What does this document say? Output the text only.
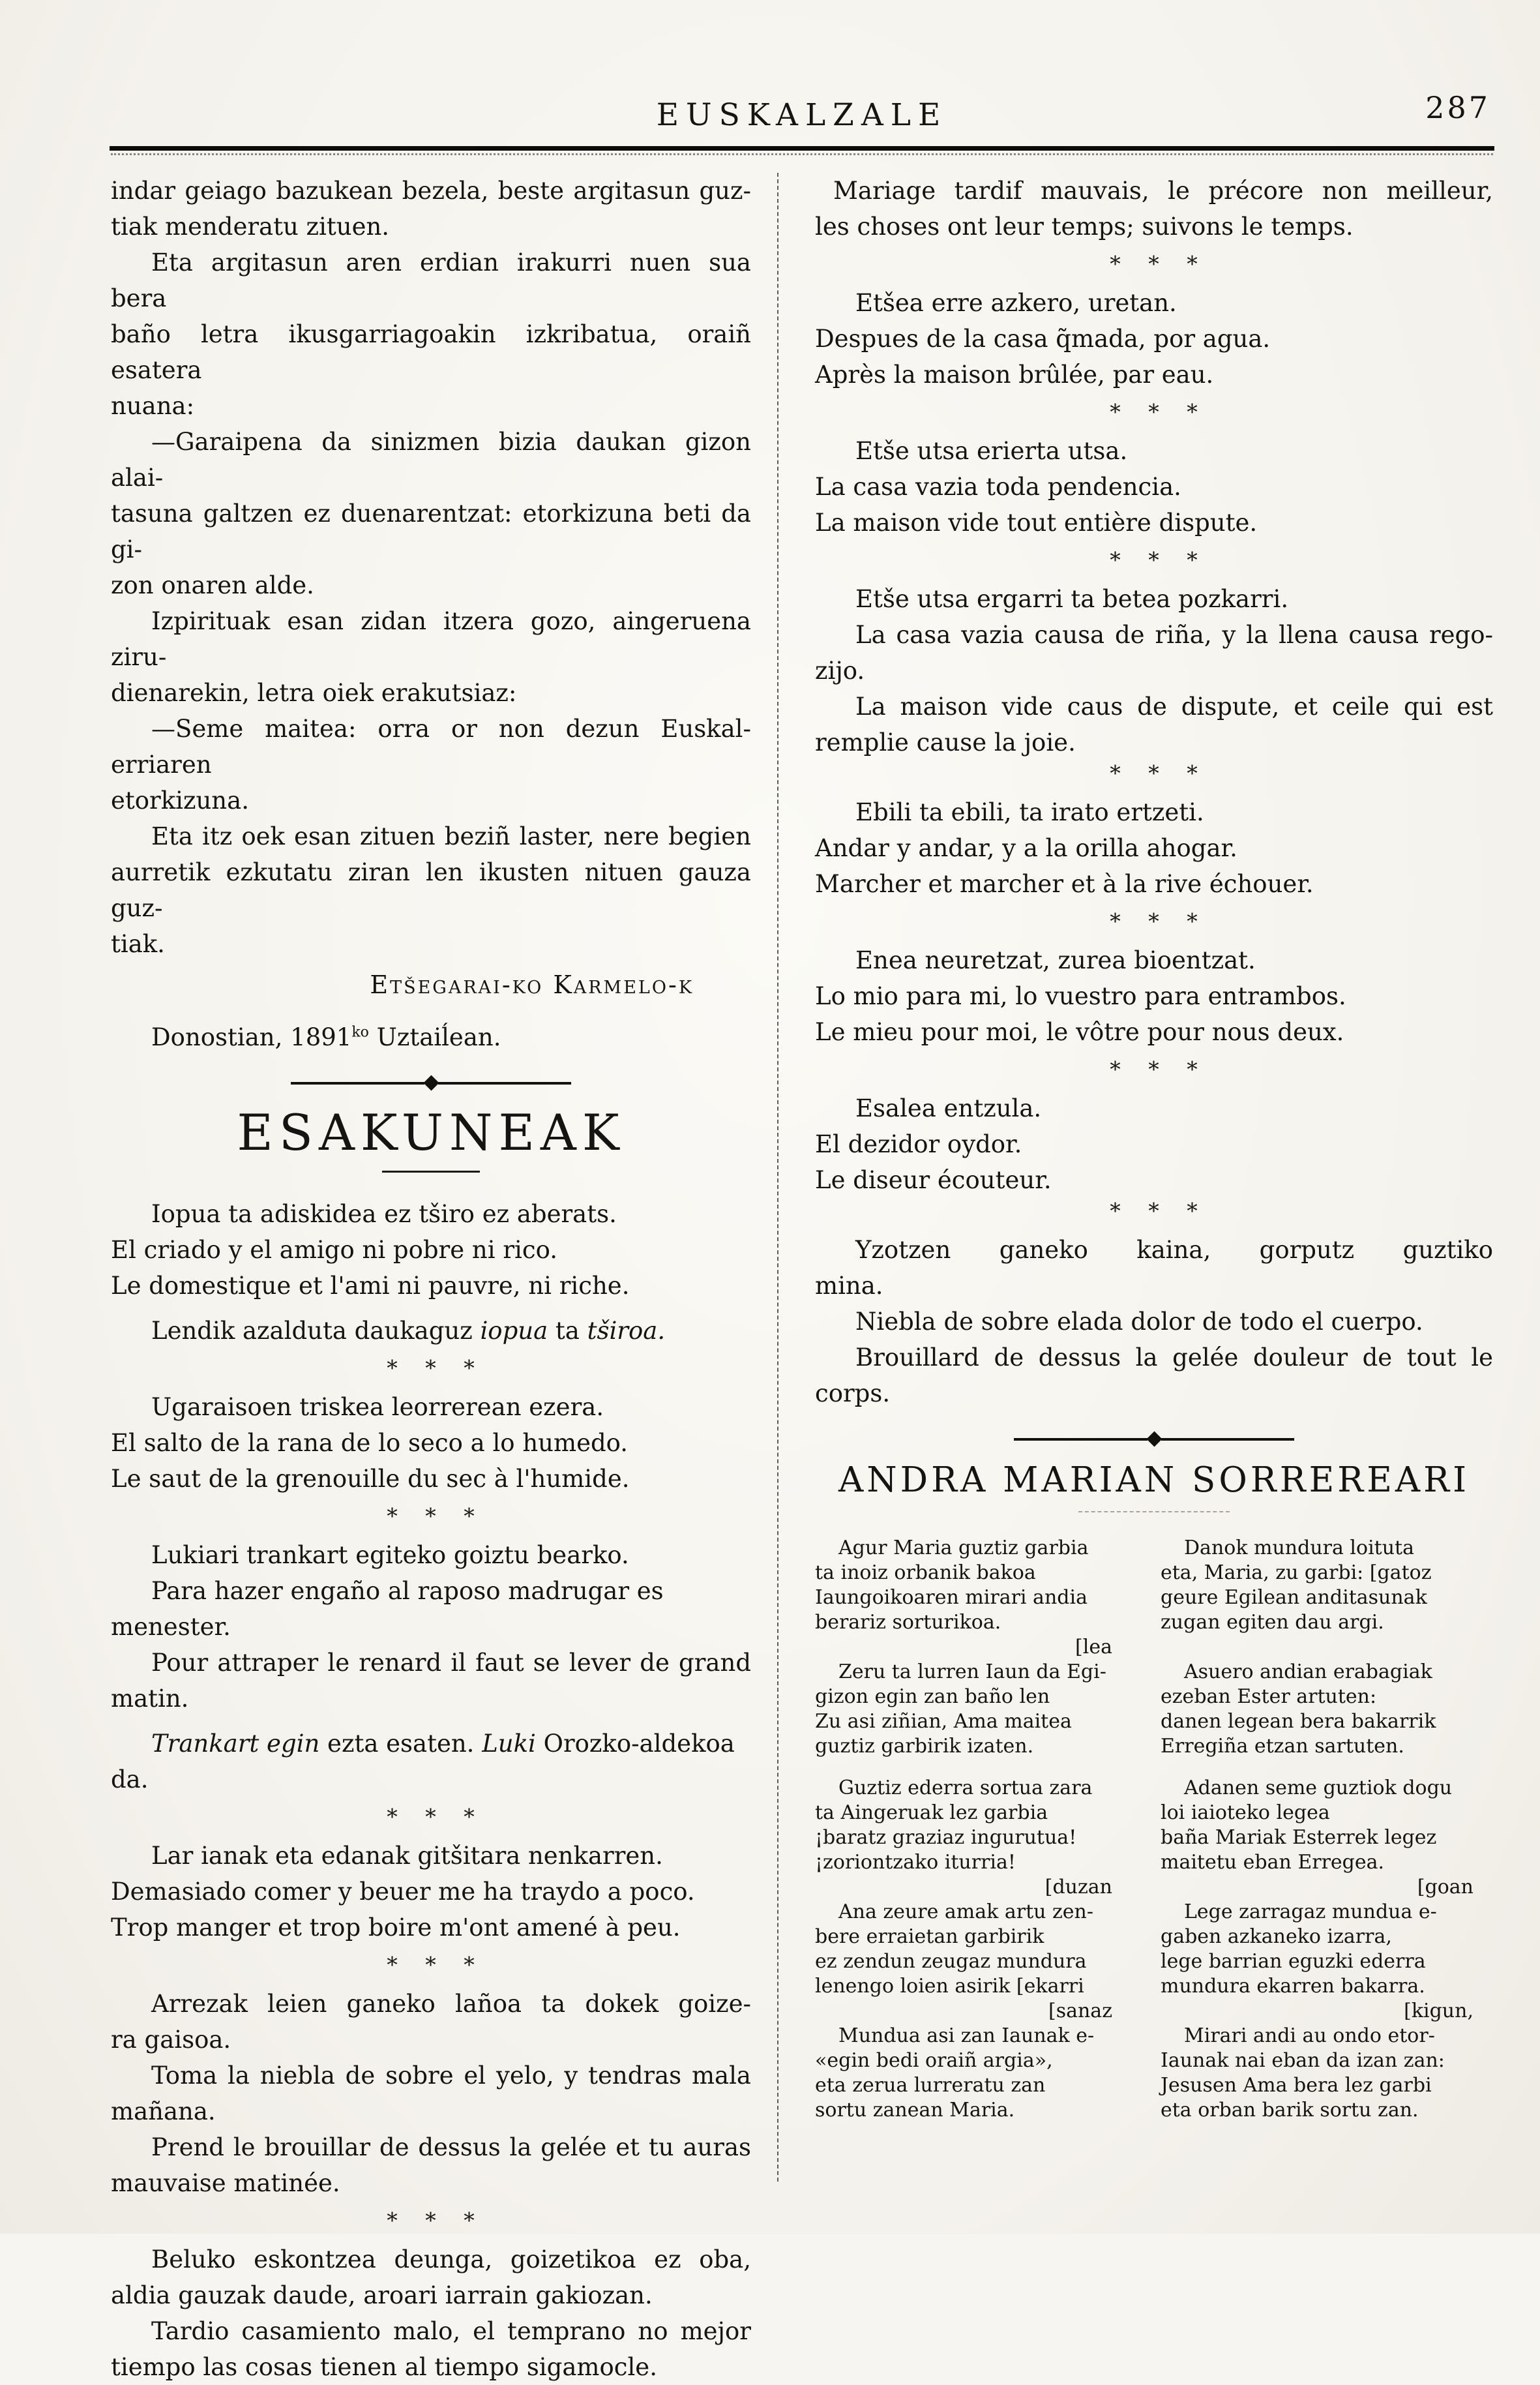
EUSKALZALE	287
indar geiago bazukean bezela, beste argitasun guz-
tiak menderatu zituen.
Eta argitasun aren erdian irakurri nuen sua bera
baño letra ikusgarriagoakin izkribatua, oraiñ esatera
nuana:
—Garaipena da sinizmen bizia daukan gizon alai-
tasuna galtzen ez duenarentzat: etorkizuna beti da gi-
zon onaren alde.
Izpirituak esan zidan itzera gozo, aingeruena ziru-
dienarekin, letra oiek erakutsiaz:
—Seme maitea: orra or non dezun Euskal-erriaren
etorkizuna.
Eta itz oek esan zituen beziñ laster, nere begien
aurretik ezkutatu ziran len ikusten nituen gauza guz-
tiak.
Etšegarai-ko Karmelo-k
Donostian, $1891^{ko}$ Uztaiĺean.
ESAKUNEAK
Iopua ta adiskidea ez tširo ez aberats.
El criado y el amigo ni pobre ni rico.
Le domestique et l'ami ni pauvre, ni riche.
Lendik azalduta daukaguz iopua ta tširoa.
* * *
Ugaraisoen triskea leorrerean ezera.
El salto de la rana de lo seco a lo humedo.
Le saut de la grenouille du sec à l'humide.
* * *
Lukiari trankart egiteko goiztu bearko.
Para hazer engaño al raposo madrugar es menester.
Pour attraper le renard il faut se lever de grand
matin.
Trankart egin ezta esaten. Luki Orozko-aldekoa da.
* * *
Lar ianak eta edanak gitšitara nenkarren.
Demasiado comer y beuer me ha traydo a poco.
Trop manger et trop boire m'ont amené à peu.
* * *
Arrezak leien ganeko lañoa ta dokek goize-
ra gaisoa.
Toma la niebla de sobre el yelo, y tendras mala
mañana.
Prend le brouillar de dessus la gelée et tu auras
mauvaise matinée.
* * *
Beluko eskontzea deunga, goizetikoa ez oba,
aldia gauzak daude, aroari iarrain gakiozan.
Tardio casamiento malo, el temprano no mejor
tiempo las cosas tienen al tiempo sigamocle.
Mariage tardif mauvais, le précore non meilleur,
les choses ont leur temps; suivons le temps.
* * *
Etšea erre azkero, uretan.
Despues de la casa q̃mada, por agua.
Après la maison brûlée, par eau.
* * *
Etše utsa erierta utsa.
La casa vazia toda pendencia.
La maison vide tout entière dispute.
* * *
Etše utsa ergarri ta betea pozkarri.
La casa vazia causa de riña, y la llena causa rego-
zijo.
La maison vide caus de dispute, et ceile qui est
remplie cause la joie.
* * *
Ebili ta ebili, ta irato ertzeti.
Andar y andar, y a la orilla ahogar.
Marcher et marcher et à la rive échouer.
* * *
Enea neuretzat, zurea bioentzat.
Lo mio para mi, lo vuestro para entrambos.
Le mieu pour moi, le vôtre pour nous deux.
* * *
Esalea entzula.
El dezidor oydor.
Le diseur écouteur.
* * *
Yzotzen ganeko kaina, gorputz guztiko
mina.
Niebla de sobre elada dolor de todo el cuerpo.
Brouillard de dessus la gelée douleur de tout le
corps.
ANDRA MARIAN SORREREARI
Agur Maria guztiz garbia
ta inoiz orbanik bakoa
Iaungoikoaren mirari andia
berariz sorturikoa.
[lea
Zeru ta lurren Iaun da Egi-
gizon egin zan baño len
Zu asi ziñian, Ama maitea
guztiz garbirik izaten.
Guztiz ederra sortua zara
ta Aingeruak lez garbia
¡baratz graziaz ingurutua!
¡zoriontzako iturria!
[duzan
Ana zeure amak artu zen-
bere erraietan garbirik
ez zendun zeugaz mundura
lenengo loien asirik [ekarri
[sanaz
Mundua asi zan Iaunak e-
«egin bedi oraiñ argia»,
eta zerua lurreratu zan
sortu zanean Maria.
Danok mundura loituta
eta, Maria, zu garbi: [gatoz
geure Egilean anditasunak
zugan egiten dau argi.
Asuero andian erabagiak
ezeban Ester artuten:
danen legean bera bakarrik
Erregiña etzan sartuten.
Adanen seme guztiok dogu
loi iaioteko legea
baña Mariak Esterrek legez
maitetu eban Erregea.
[goan
Lege zarragaz mundua e-
gaben azkaneko izarra,
lege barrian eguzki ederra
mundura ekarren bakarra.
[kigun,
Mirari andi au ondo etor-
Iaunak nai eban da izan zan:
Jesusen Ama bera lez garbi
eta orban barik sortu zan.
